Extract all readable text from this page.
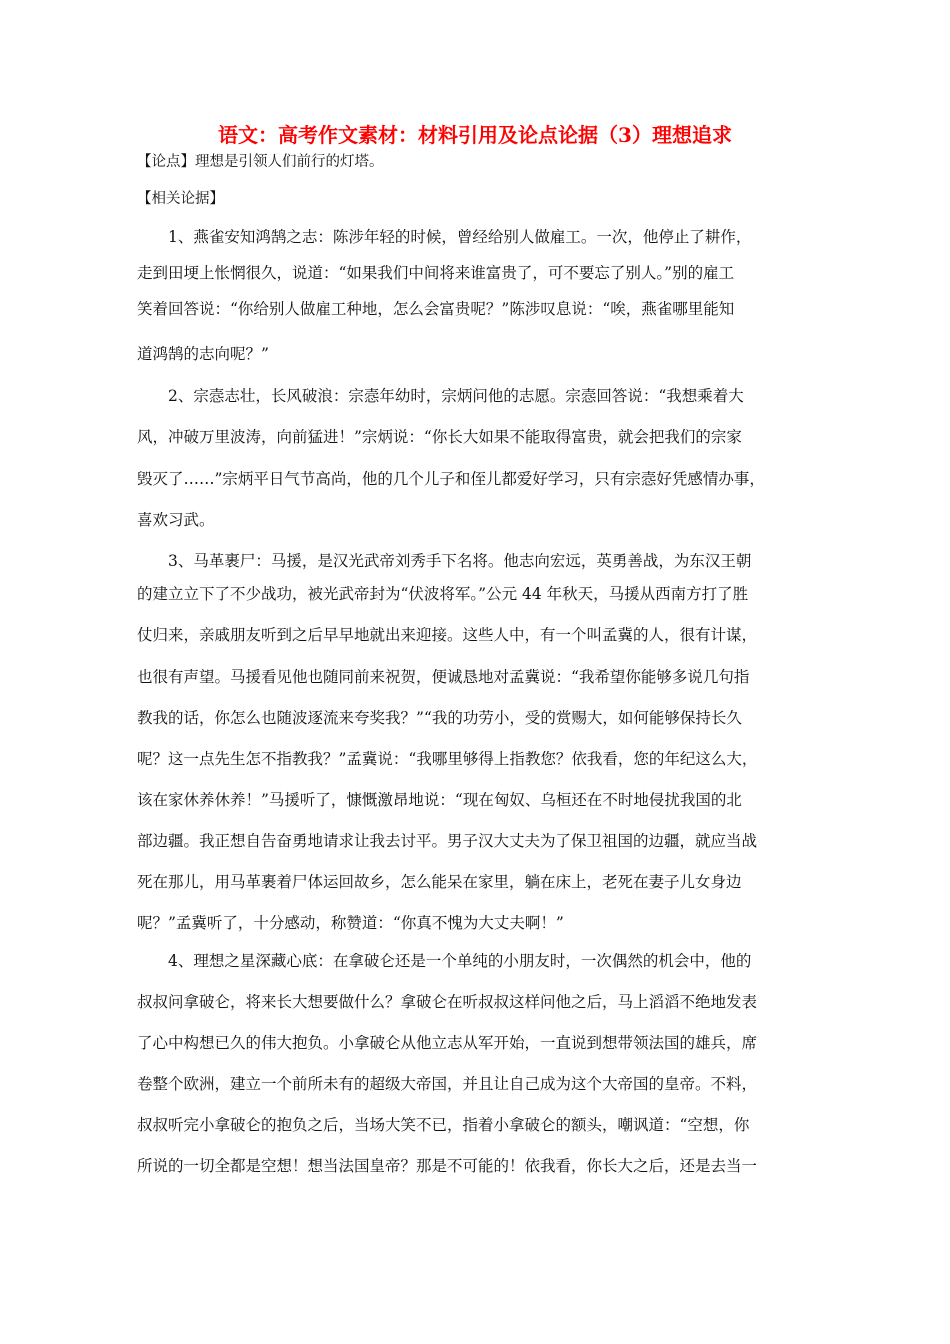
语文：高考作文素材：材料引用及论点论据（3）理想追求
【论点】理想是引领人们前行的灯塔。
【相关论据】
1、燕雀安知鸿鹄之志：陈涉年轻的时候，曾经给别人做雇工。一次，他停止了耕作，
走到田埂上怅惘很久，说道：“如果我们中间将来谁富贵了，可不要忘了别人。”别的雇工
笑着回答说：“你给别人做雇工种地，怎么会富贵呢？”陈涉叹息说：“唉，燕雀哪里能知
道鸿鹄的志向呢？”
2、宗悫志壮，长风破浪：宗悫年幼时，宗炳问他的志愿。宗悫回答说：“我想乘着大
风，冲破万里波涛，向前猛进！”宗炳说：“你长大如果不能取得富贵，就会把我们的宗家
毁灭了……”宗炳平日气节高尚，他的几个儿子和侄儿都爱好学习，只有宗悫好凭感情办事，
喜欢习武。
3、马革裹尸：马援，是汉光武帝刘秀手下名将。他志向宏远，英勇善战，为东汉王朝
的建立立下了不少战功，被光武帝封为“伏波将军。”公元 44 年秋天，马援从西南方打了胜
仗归来，亲戚朋友听到之后早早地就出来迎接。这些人中，有一个叫孟冀的人，很有计谋，
也很有声望。马援看见他也随同前来祝贺，便诚恳地对孟冀说：“我希望你能够多说几句指
教我的话，你怎么也随波逐流来夸奖我？”“我的功劳小，受的赏赐大，如何能够保持长久
呢？这一点先生怎不指教我？”孟冀说：“我哪里够得上指教您？依我看，您的年纪这么大，
该在家休养休养！”马援听了，慷慨激昂地说：“现在匈奴、乌桓还在不时地侵扰我国的北
部边疆。我正想自告奋勇地请求让我去讨平。男子汉大丈夫为了保卫祖国的边疆，就应当战
死在那儿，用马革裹着尸体运回故乡，怎么能呆在家里，躺在床上，老死在妻子儿女身边
呢？”孟冀听了，十分感动，称赞道：“你真不愧为大丈夫啊！”
4、理想之星深藏心底：在拿破仑还是一个单纯的小朋友时，一次偶然的机会中，他的
叔叔问拿破仑，将来长大想要做什么？拿破仑在听叔叔这样问他之后，马上滔滔不绝地发表
了心中构想已久的伟大抱负。小拿破仑从他立志从军开始，一直说到想带领法国的雄兵，席
卷整个欧洲，建立一个前所未有的超级大帝国，并且让自己成为这个大帝国的皇帝。不料，
叔叔听完小拿破仑的抱负之后，当场大笑不已，指着小拿破仑的额头，嘲讽道：“空想，你
所说的一切全都是空想！想当法国皇帝？那是不可能的！依我看，你长大之后，还是去当一
